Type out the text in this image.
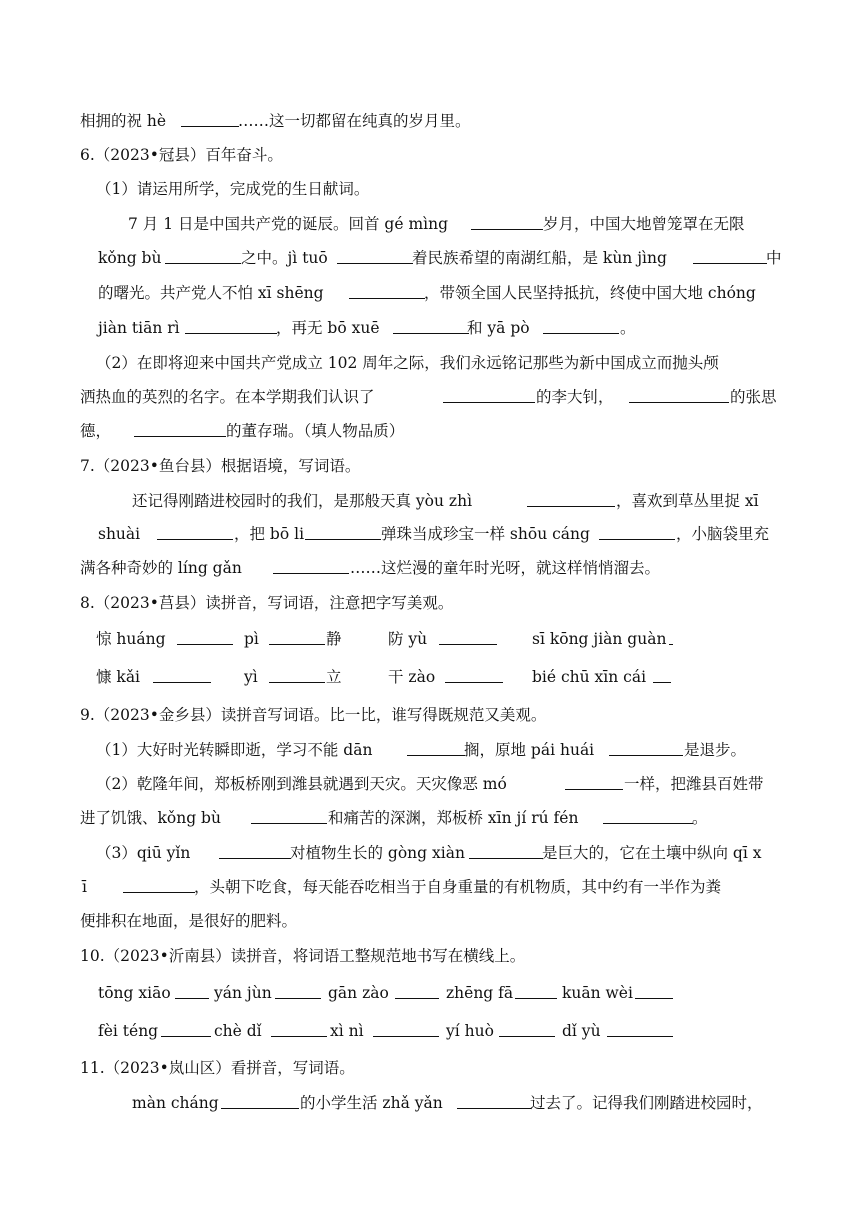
相拥的祝 hè	……这一切都留在纯真的岁月里。
6.（2023•冠县）百年奋斗。
（1）请运用所学，完成党的生日献词。
7 月 1 日是中国共产党的诞辰。回首 gé mìng	岁月，中国大地曾笼罩在无限
kǒng bù	之中。jì tuō	着民族希望的南湖红船，是 kùn jìng	中
的曙光。共产党人不怕 xī shēng	，带领全国人民坚持抵抗，终使中国大地 chóng
jiàn tiān rì	，再无 bō xuē	和 yā pò	。
（2）在即将迎来中国共产党成立 102 周年之际，我们永远铭记那些为新中国成立而抛头颅
洒热血的英烈的名字。在本学期我们认识了	的李大钊，	的张思
德，	的董存瑞。（填人物品质）
7.（2023•鱼台县）根据语境，写词语。
还记得刚踏进校园时的我们，是那般天真 yòu zhì	，喜欢到草丛里捉 xī
shuài	，把 bō li	弹珠当成珍宝一样 shōu cáng	，小脑袋里充
满各种奇妙的 líng gǎn	……这烂漫的童年时光呀，就这样悄悄溜去。
8.（2023•莒县）读拼音，写词语，注意把字写美观。
惊 huáng	pì	静	防 yù	sī kōng jiàn guàn
慷 kǎi	yì	立	干 zào	bié chū xīn cái
9.（2023•金乡县）读拼音写词语。比一比，谁写得既规范又美观。
（1）大好时光转瞬即逝，学习不能 dān	搁，原地 pái huái	是退步。
（2）乾隆年间，郑板桥刚到潍县就遇到天灾。天灾像恶 mó	一样，把潍县百姓带
进了饥饿、kǒng bù	和痛苦的深渊，郑板桥 xīn jí rú fén	。
（3）qiū yǐn	对植物生长的 gòng xiàn	是巨大的，它在土壤中纵向 qī x
ī	，头朝下吃食，每天能吞吃相当于自身重量的有机物质，其中约有一半作为粪
便排积在地面，是很好的肥料。
10.（2023•沂南县）读拼音，将词语工整规范地书写在横线上。
tōng xiāo	yán jùn	gān zào	zhēng fā	kuān wèi
fèi téng	chè dǐ	xì nì	yí huò	dǐ yù
11.（2023•岚山区）看拼音，写词语。
màn cháng	的小学生活 zhǎ yǎn	过去了。记得我们刚踏进校园时，
